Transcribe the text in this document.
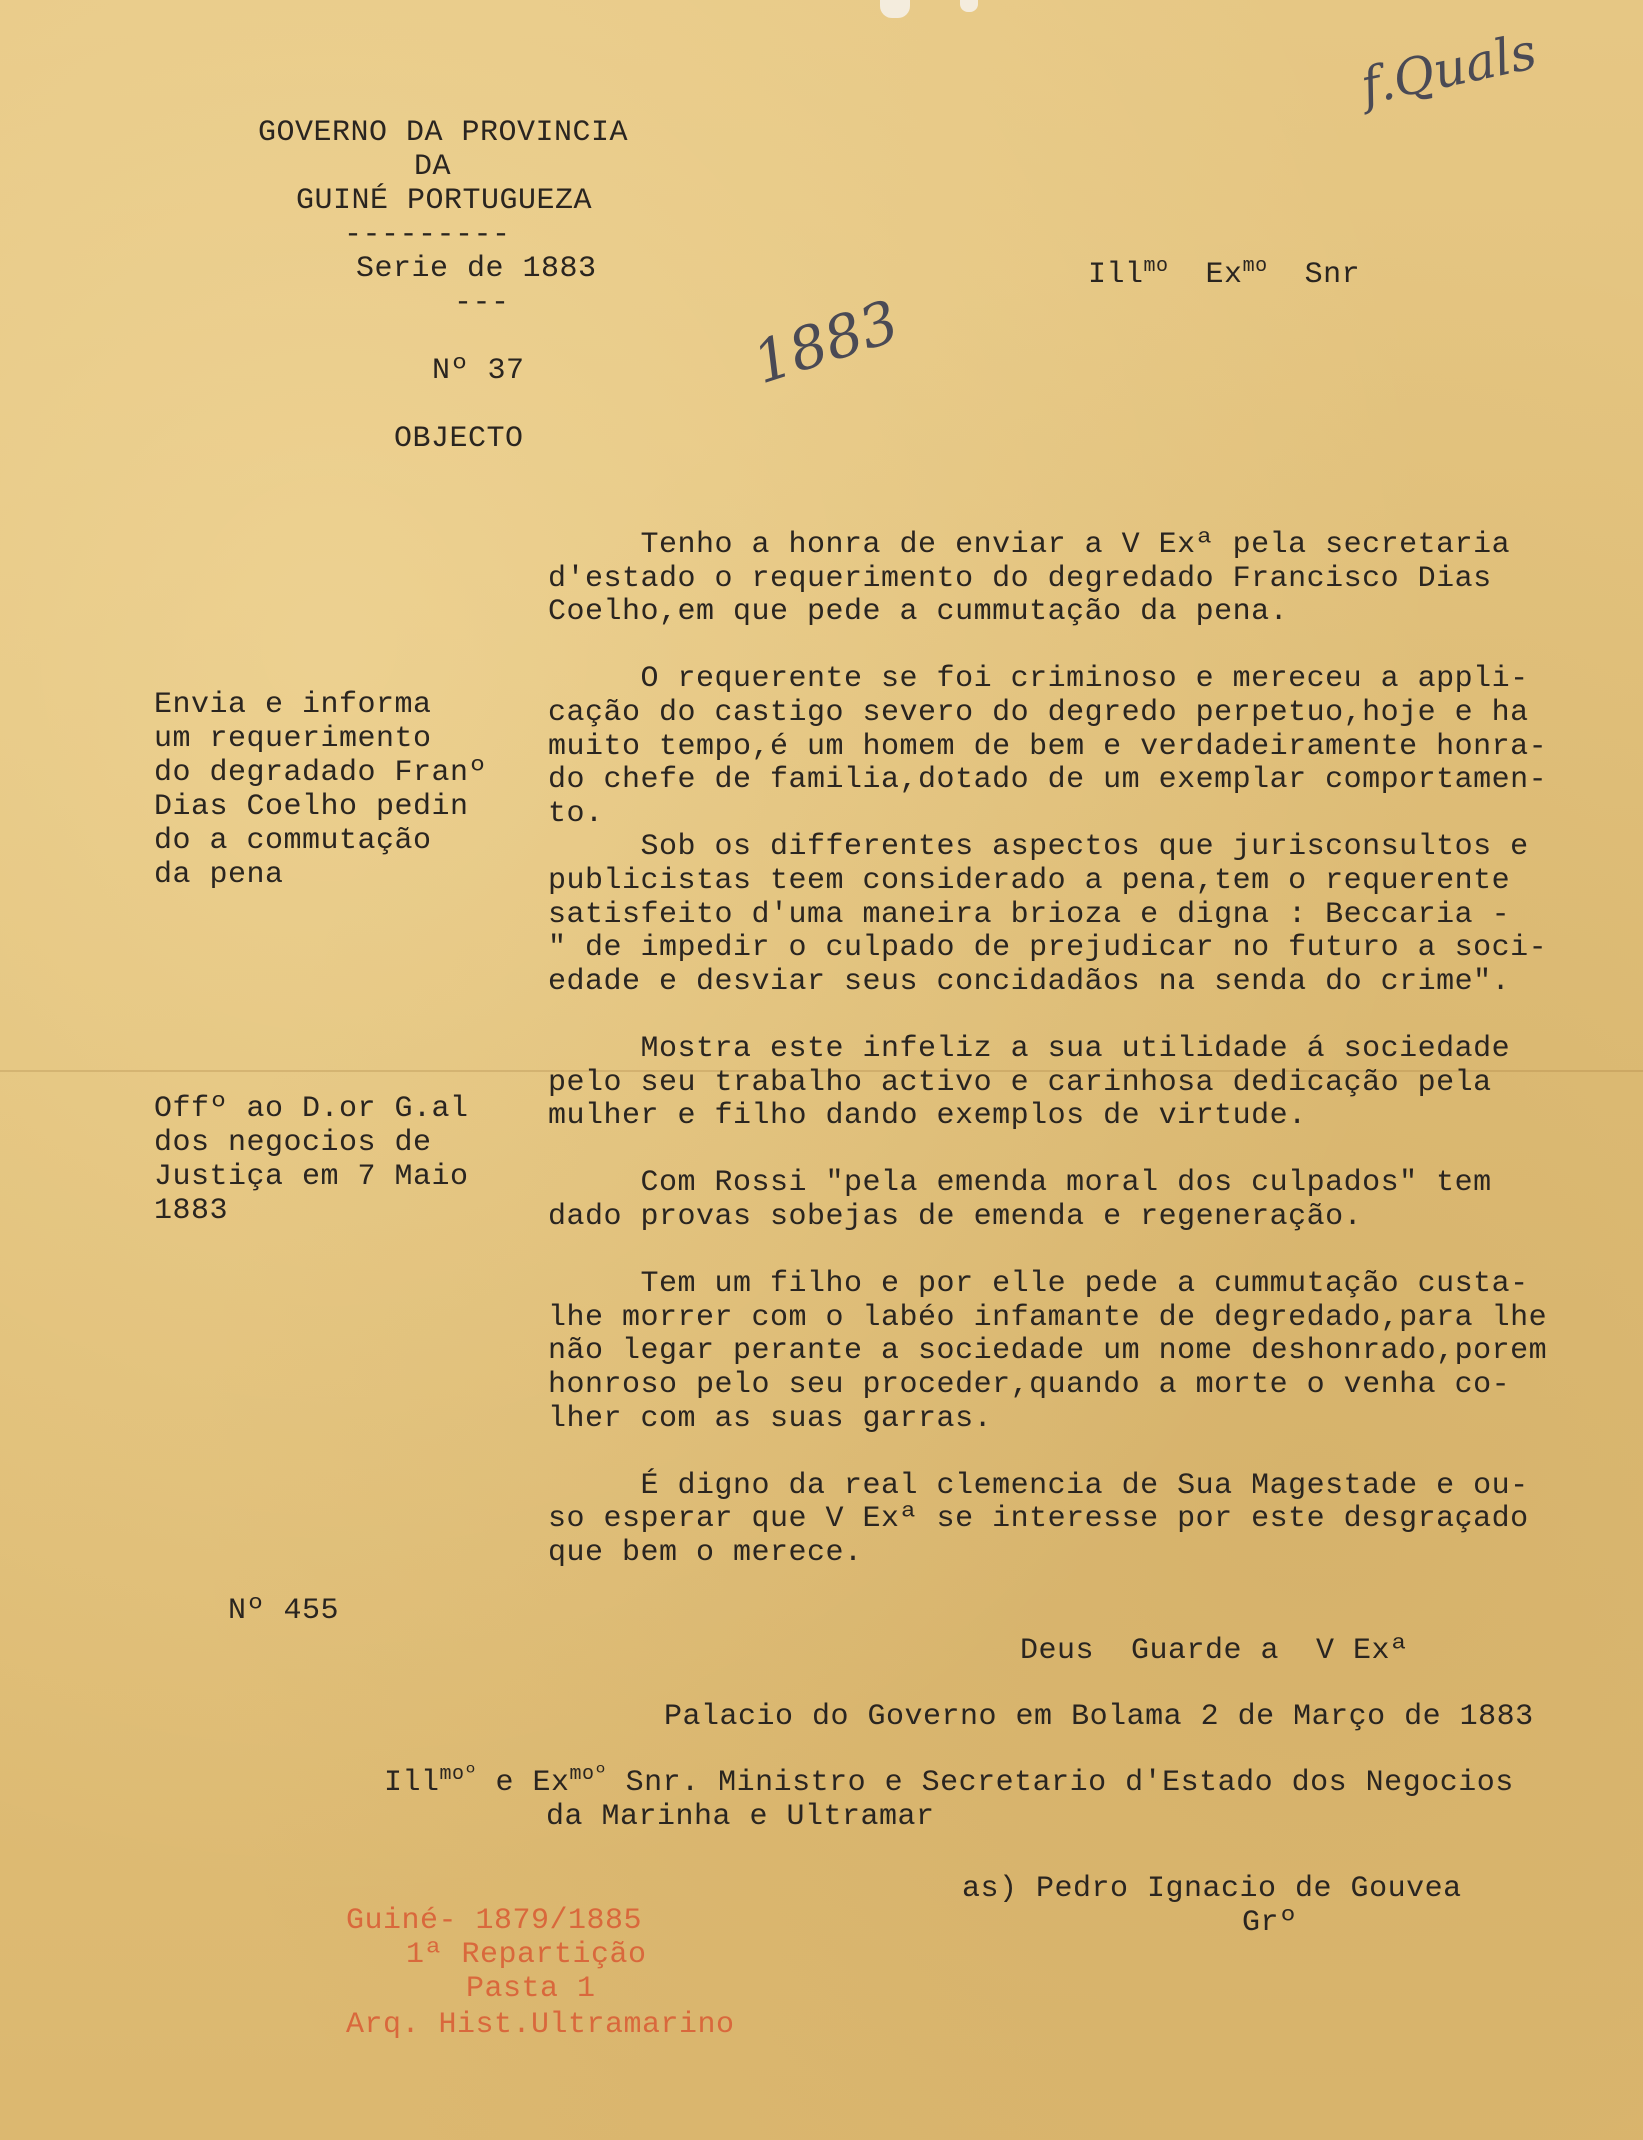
GOVERNO DA PROVINCIA
DA
GUINÉ PORTUGUEZA
---------
Serie de 1883
---
Nº 37
OBJECTO
Ill$^{mo}$ $Ex^{mo}$ Snr
1883
f.Quals
Envia e informa
um requerimento
do degradado Franº
Dias Coelho pedin
do a commutação
da pena
Offº ao D.or G.al
dos negocios de
Justiça em 7 Maio
1883
Nº 455
Tenho a honra de enviar a V Exª pela secretaria
d'estado o requerimento do degredado Francisco Dias
Coelho,em que pede a cummutação da pena.
O requerente se foi criminoso e mereceu a appli-
cação do castigo severo do degredo perpetuo,hoje e ha
muito tempo,é um homem de bem e verdadeiramente honra-
do chefe de familia,dotado de um exemplar comportamen-
to.
Sob os differentes aspectos que jurisconsultos e
publicistas teem considerado a pena,tem o requerente
satisfeito d'uma maneira brioza e digna : Beccaria -
" de impedir o culpado de prejudicar no futuro a soci-
edade e desviar seus concidadãos na senda do crime".
Mostra este infeliz a sua utilidade á sociedade
pelo seu trabalho activo e carinhosa dedicação pela
mulher e filho dando exemplos de virtude.
Com Rossi "pela emenda moral dos culpados" tem
dado provas sobejas de emenda e regeneração.
Tem um filho e por elle pede a cummutação custa-
lhe morrer com o labéo infamante de degredado,para lhe
não legar perante a sociedade um nome deshonrado,porem
honroso pelo seu proceder,quando a morte o venha co-
lher com as suas garras.
É digno da real clemencia de Sua Magestade e ou-
so esperar que V Exª se interesse por este desgraçado
que bem o merece.
Deus  Guarde a  V Exª
Palacio do Governo em Bolama 2 de Março de 1883
Ill$^{moº}$ e $Ex^{moº}$ Snr. Ministro e Secretario d'Estado dos Negocios
da Marinha e Ultramar
as) Pedro Ignacio de Gouvea
Grº
Guiné- 1879/1885
1ª Repartição
Pasta 1
Arq. Hist.Ultramarino
